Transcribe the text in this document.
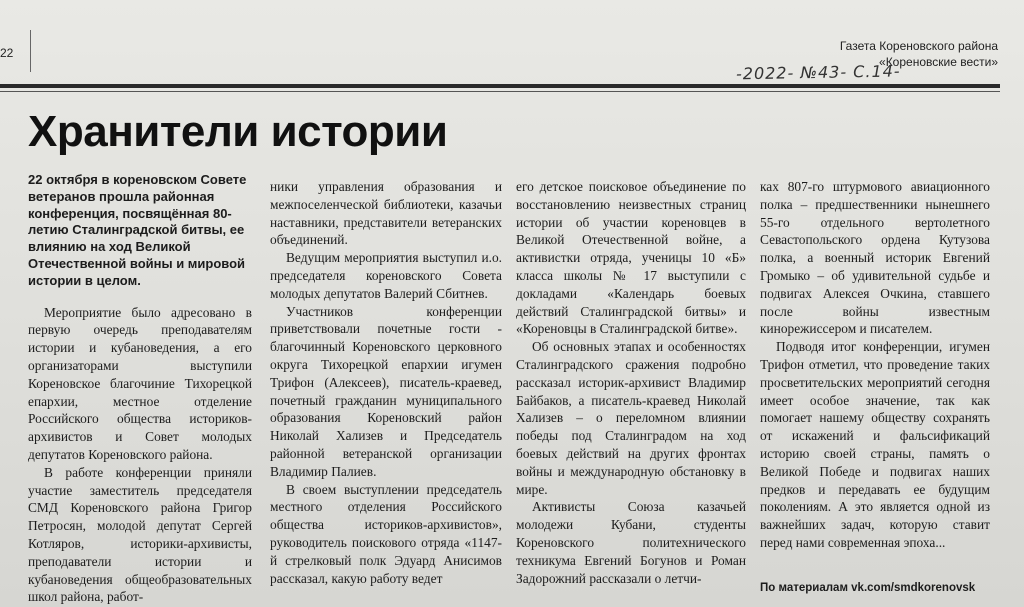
22	Газета Кореновского района
«Кореновские вести»
-2022- №43- С.14-
Хранители истории

22 октября в кореновском Совете ветеранов прошла районная конференция, посвящённая 80-летию Сталинградской битвы, ее влиянию на ход Великой Отечественной войны и мировой истории в целом.

Мероприятие было адресовано в первую очередь преподавателям истории и кубановедения, а его организаторами выступили Кореновское благочиние Тихорецкой епархии, местное отделение Российского общества историков-архивистов и Совет молодых депутатов Кореновского района.

В работе конференции приняли участие заместитель председателя СМД Кореновского района Григор Петросян, молодой депутат Сергей Котляров, историки-архивисты, преподаватели истории и кубановедения общеобразовательных школ района, работ-

ники управления образования и межпоселенческой библиотеки, казачьи наставники, представители ветеранских объединений.

Ведущим мероприятия выступил и.о. председателя кореновского Совета молодых депутатов Валерий Сбитнев.

Участников конференции приветствовали почетные гости - благочинный Кореновского церковного округа Тихорецкой епархии игумен Трифон (Алексеев), писатель-краевед, почетный гражданин муниципального образования Кореновский район Николай Хализев и Председатель районной ветеранской организации Владимир Палиев.

В своем выступлении председатель местного отделения Российского общества историков-архивистов», руководитель поискового отряда «1147-й стрелковый полк Эдуард Анисимов рассказал, какую работу ведет

его детское поисковое объединение по восстановлению неизвестных страниц истории об участии кореновцев в Великой Отечественной войне, а активистки отряда, ученицы 10 «Б» класса школы № 17 выступили с докладами «Календарь боевых действий Сталинградской битвы» и «Кореновцы в Сталинградской битве».

Об основных этапах и особенностях Сталинградского сражения подробно рассказал историк-архивист Владимир Байбаков, а писатель-краевед Николай Хализев – о переломном влиянии победы под Сталинградом на ход боевых действий на других фронтах войны и международную обстановку в мире.

Активисты Союза казачьей молодежи Кубани, студенты Кореновского политехнического техникума Евгений Богунов и Роман Задорожний рассказали о летчи-

ках 807-го штурмового авиационного полка – предшественники нынешнего 55-го отдельного вертолетного Севастопольского ордена Кутузова полка, а военный историк Евгений Громыко – об удивительной судьбе и подвигах Алексея Очкина, ставшего после войны известным кинорежиссером и писателем.

Подводя итог конференции, игумен Трифон отметил, что проведение таких просветительских мероприятий сегодня имеет особое значение, так как помогает нашему обществу сохранять от искажений и фальсификаций историю своей страны, память о Великой Победе и подвигах наших предков и передавать ее будущим поколениям. А это является одной из важнейших задач, которую ставит перед нами современная эпоха...

По материалам vk.com/smdkorenovsk
